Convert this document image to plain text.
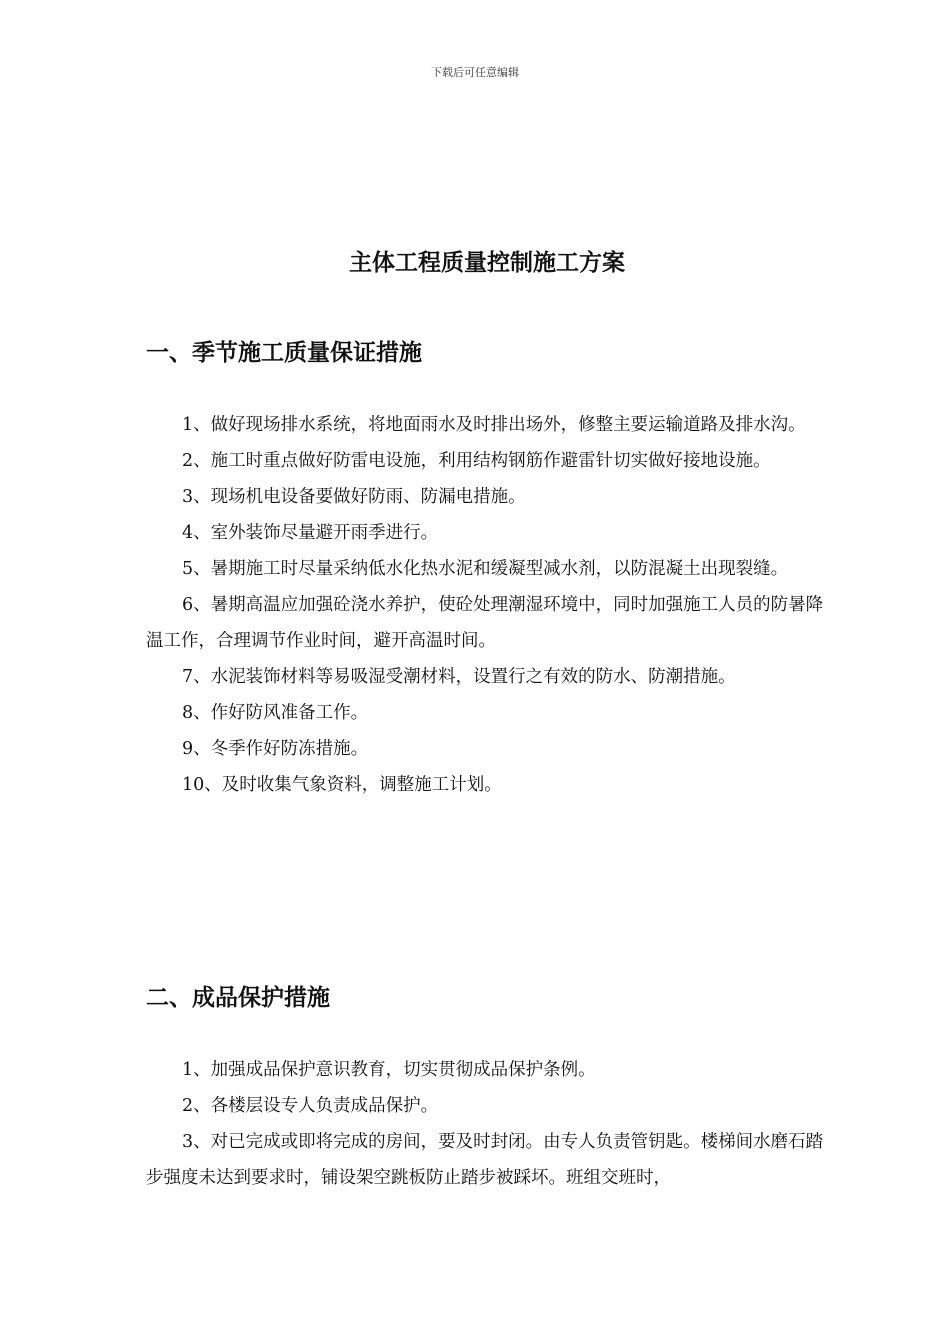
下载后可任意编辑
主体工程质量控制施工方案
一、季节施工质量保证措施

1、做好现场排水系统，将地面雨水及时排出场外，修整主要运输道路及排水沟。

2、施工时重点做好防雷电设施，利用结构钢筋作避雷针切实做好接地设施。

3、现场机电设备要做好防雨、防漏电措施。

4、室外装饰尽量避开雨季进行。

5、暑期施工时尽量采纳低水化热水泥和缓凝型减水剂，以防混凝土出现裂缝。

6、暑期高温应加强砼浇水养护，使砼处理潮湿环境中，同时加强施工人员的防暑降温工作，合理调节作业时间，避开高温时间。

7、水泥装饰材料等易吸湿受潮材料，设置行之有效的防水、防潮措施。

8、作好防风准备工作。

9、冬季作好防冻措施。

10、及时收集气象资料，调整施工计划。

二、成品保护措施

1、加强成品保护意识教育，切实贯彻成品保护条例。

2、各楼层设专人负责成品保护。

3、对已完成或即将完成的房间，要及时封闭。由专人负责管钥匙。楼梯间水磨石踏步强度未达到要求时，铺设架空跳板防止踏步被踩坏。班组交班时，
